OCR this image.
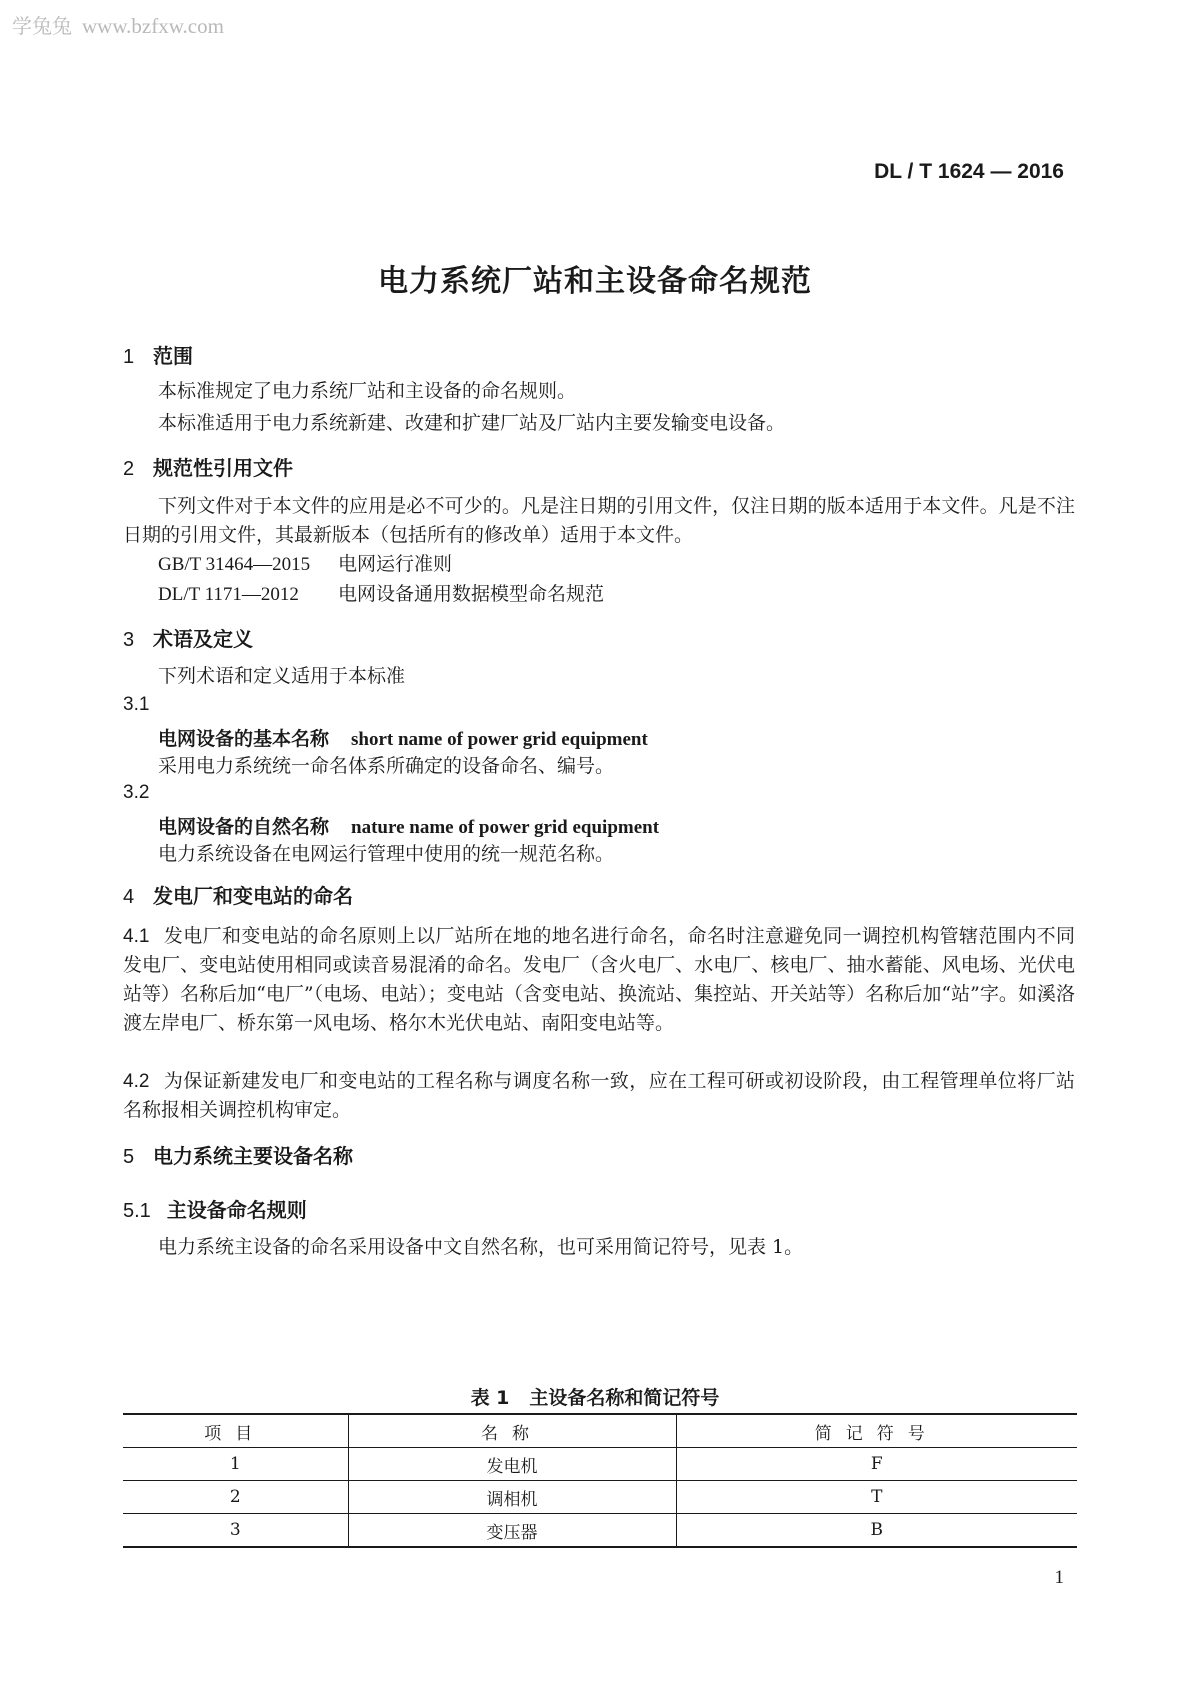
学兔兔 www.bzfxw.com
DL / T 1624 — 2016
电力系统厂站和主设备命名规范
1 范围
本标准规定了电力系统厂站和主设备的命名规则。
本标准适用于电力系统新建、改建和扩建厂站及厂站内主要发输变电设备。
2 规范性引用文件
下列文件对于本文件的应用是必不可少的。凡是注日期的引用文件，仅注日期的版本适用于本文件。凡是不注日期的引用文件，其最新版本（包括所有的修改单）适用于本文件。
GB/T 31464—2015 电网运行准则
DL/T 1171—2012 电网设备通用数据模型命名规范
3 术语及定义
下列术语和定义适用于本标准
3.1
电网设备的基本名称 short name of power grid equipment
采用电力系统统一命名体系所确定的设备命名、编号。
3.2
电网设备的自然名称 nature name of power grid equipment
电力系统设备在电网运行管理中使用的统一规范名称。
4 发电厂和变电站的命名
4.1 发电厂和变电站的命名原则上以厂站所在地的地名进行命名，命名时注意避免同一调控机构管辖范围内不同发电厂、变电站使用相同或读音易混淆的命名。发电厂（含火电厂、水电厂、核电厂、抽水蓄能、风电场、光伏电站等）名称后加“电厂”（电场、电站）；变电站（含变电站、换流站、集控站、开关站等）名称后加“站”字。如溪洛渡左岸电厂、桥东第一风电场、格尔木光伏电站、南阳变电站等。
4.2 为保证新建发电厂和变电站的工程名称与调度名称一致，应在工程可研或初设阶段，由工程管理单位将厂站名称报相关调控机构审定。
5 电力系统主要设备名称
5.1 主设备命名规则
电力系统主设备的命名采用设备中文自然名称，也可采用简记符号，见表 1。
表 1 主设备名称和简记符号
项目	名称	简记符号
1	发电机	F
2	调相机	T
3	变压器	B
1
